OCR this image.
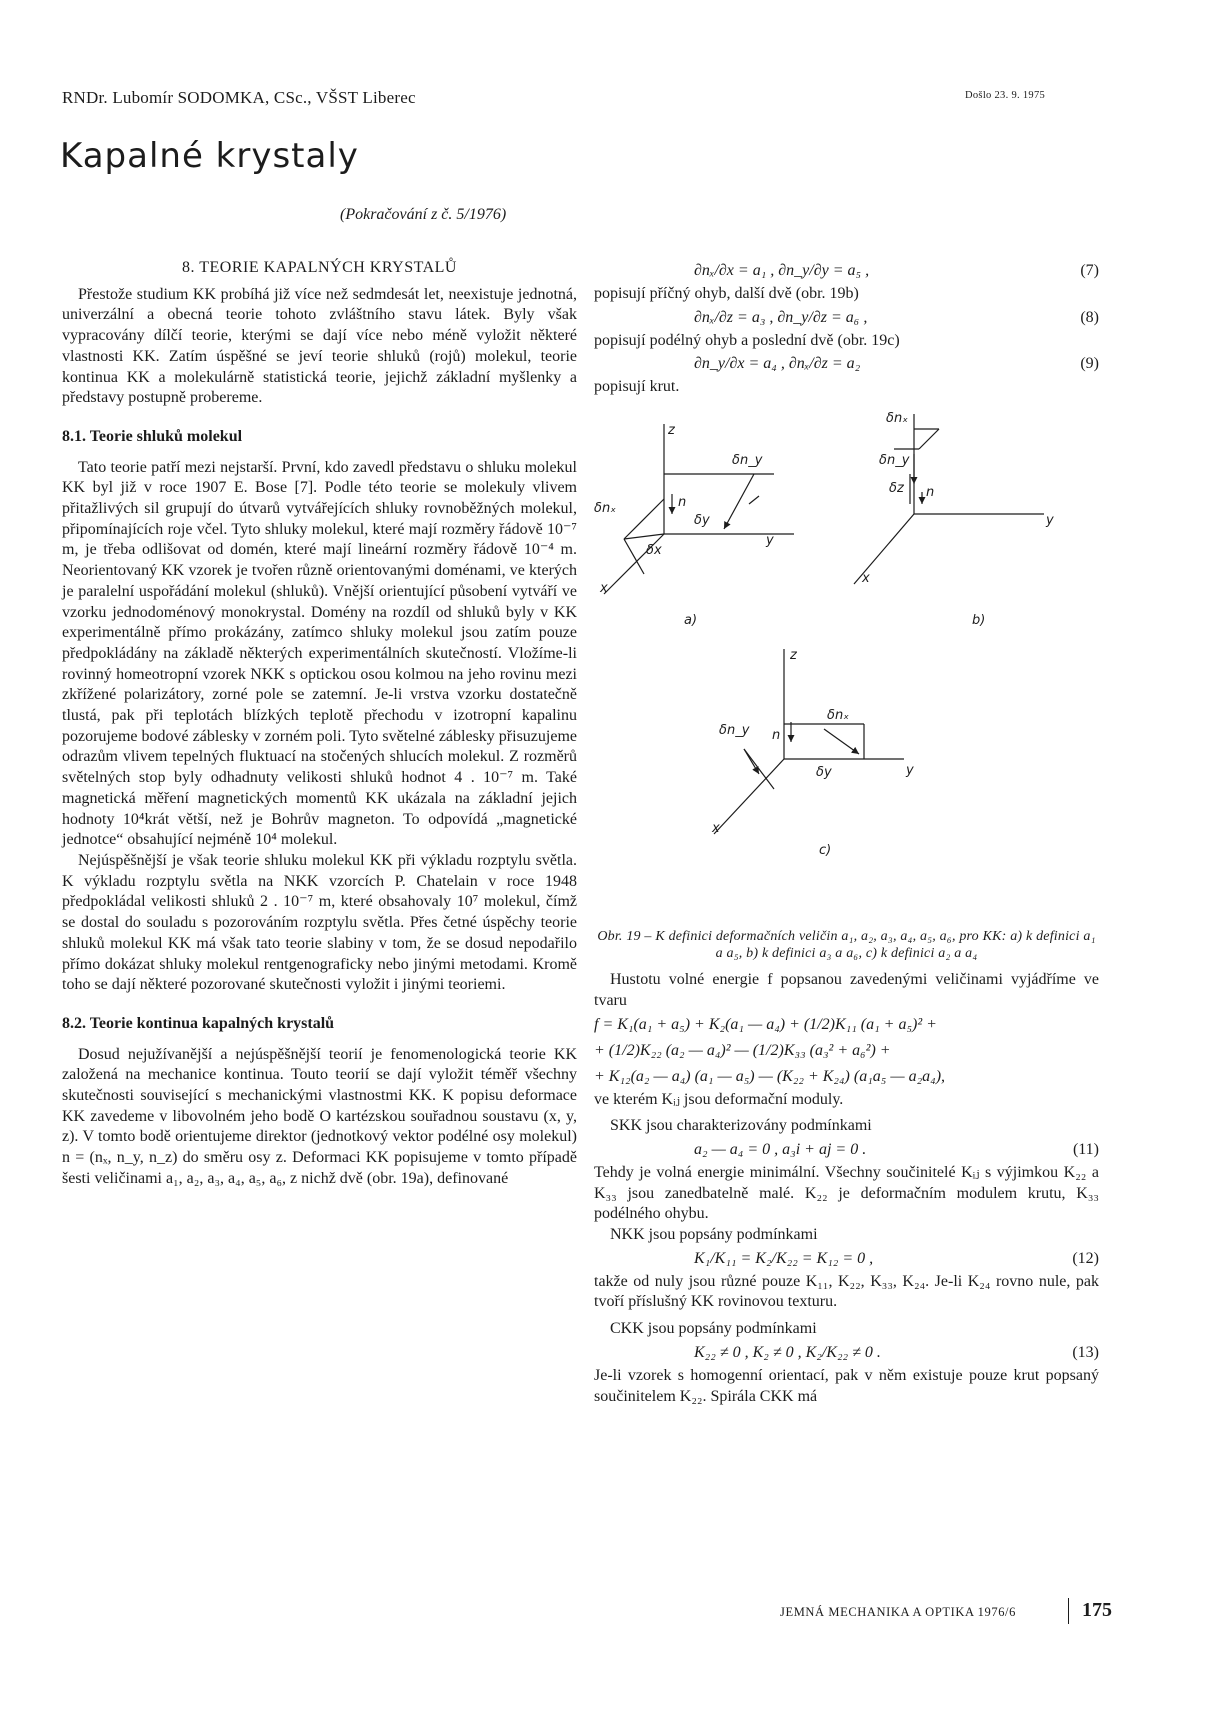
RNDr. Lubomír SODOMKA, CSc., VŠST Liberec	Došlo 23. 9. 1975
Kapalné krystaly
(Pokračování z č. 5/1976)
8. TEORIE KAPALNÝCH KRYSTALŮ

Přestože studium KK probíhá již více než sedmdesát let, neexistuje jednotná, univerzální a obecná teorie tohoto zvláštního stavu látek. Byly však vypracovány dílčí teorie, kterými se dají více nebo méně vyložit některé vlastnosti KK. Zatím úspěšné se jeví teorie shluků (rojů) molekul, teorie kontinua KK a molekulárně statistická teorie, jejichž základní myšlenky a představy postupně probereme.

8.1. Teorie shluků molekul

Tato teorie patří mezi nejstarší. První, kdo zavedl představu o shluku molekul KK byl již v roce 1907 E. Bose [7]. Podle této teorie se molekuly vlivem přitažlivých sil grupují do útvarů vytvářejících shluky rovnoběžných molekul, připomínajících roje včel. Tyto shluky molekul, které mají rozměry řádově 10⁻⁷ m, je třeba odlišovat od domén, které mají lineární rozměry řádově 10⁻⁴ m. Neorientovaný KK vzorek je tvořen různě orientovanými doménami, ve kterých je paralelní uspořádání molekul (shluků). Vnější orientující působení vytváří ve vzorku jednodoménový monokrystal. Domény na rozdíl od shluků byly v KK experimentálně přímo prokázány, zatímco shluky molekul jsou zatím pouze předpokládány na základě některých experimentálních skutečností. Vložíme-li rovinný homeotropní vzorek NKK s optickou osou kolmou na jeho rovinu mezi zkřížené polarizátory, zorné pole se zatemní. Je-li vrstva vzorku dostatečně tlustá, pak při teplotách blízkých teplotě přechodu v izotropní kapalinu pozorujeme bodové záblesky v zorném poli. Tyto světelné záblesky přisuzujeme odrazům vlivem tepelných fluktuací na stočených shlucích molekul. Z rozměrů světelných stop byly odhadnuty velikosti shluků hodnot 4 . 10⁻⁷ m. Také magnetická měření magnetických momentů KK ukázala na základní jejich hodnoty 10⁴krát větší, než je Bohrův magneton. To odpovídá „magnetické jednotce“ obsahující nejméně 10⁴ molekul.

Nejúspěšnější je však teorie shluku molekul KK při výkladu rozptylu světla. K výkladu rozptylu světla na NKK vzorcích P. Chatelain v roce 1948 předpokládal velikosti shluků 2 . 10⁻⁷ m, které obsahovaly 10⁷ molekul, čímž se dostal do souladu s pozorováním rozptylu světla. Přes četné úspěchy teorie shluků molekul KK má však tato teorie slabiny v tom, že se dosud nepodařilo přímo dokázat shluky molekul rentgenograficky nebo jinými metodami. Kromě toho se dají některé pozorované skutečnosti vyložit i jinými teoriemi.

8.2. Teorie kontinua kapalných krystalů

Dosud nejužívanější a nejúspěšnější teorií je fenomenologická teorie KK založená na mechanice kontinua. Touto teorií se dají vyložit téměř všechny skutečnosti související s mechanickými vlastnostmi KK. K popisu deformace KK zavedeme v libovolném jeho bodě O kartézskou souřadnou soustavu (x, y, z). V tomto bodě orientujeme direktor (jednotkový vektor podélné osy molekul) n = (nₓ, n_y, n_z) do směru osy z. Deformaci KK popisujeme v tomto případě šesti veličinami a₁, a₂, a₃, a₄, a₅, a₆, z nichž dvě (obr. 19a), definované

∂nₓ/∂x = a₁ , ∂n_y/∂y = a₅ ,	(7)

popisují příčný ohyb, další dvě (obr. 19b)

∂nₓ/∂z = a₃ , ∂n_y/∂z = a₆ ,	(8)

popisují podélný ohyb a poslední dvě (obr. 19c)

∂n_y/∂x = a₄ , ∂nₓ/∂z = a₂	(9)

popisují krut.

z
y
x
δn_y
δnₓ
δx
δy
n
a)
δnₓ
δn_y
δz n
y
x
b)
z
δn_y
δnₓ
n
δy	y
x
c)
Obr. 19 – K definici deformačních veličin a₁, a₂, a₃, a₄, a₅, a₆, pro KK: a) k definici a₁ a a₅, b) k definici a₃ a a₆, c) k definici a₂ a a₄

Hustotu volné energie f popsanou zavedenými veličinami vyjádříme ve tvaru

f = K₁(a₁ + a₅) + K₂(a₁ — a₄) + (1/2)K₁₁ (a₁ + a₅)² +
+ (1/2)K₂₂ (a₂ — a₄)² — (1/2)K₃₃ (a₃² + a₆²) +
+ K₁₂(a₂ — a₄) (a₁ — a₅) — (K₂₂ + K₂₄) (a₁a₅ — a₂a₄),

ve kterém Kᵢⱼ jsou deformační moduly.

SKK jsou charakterizovány podmínkami

a₂ — a₄ = 0 , a₃i + aj = 0 .	(11)

Tehdy je volná energie minimální. Všechny součinitelé Kᵢⱼ s výjimkou K₂₂ a K₃₃ jsou zanedbatelně malé. K₂₂ je deformačním modulem krutu, K₃₃ podélného ohybu.

NKK jsou popsány podmínkami

K₁/K₁₁ = K₂/K₂₂ = K₁₂ = 0 ,	(12)

takže od nuly jsou různé pouze K₁₁, K₂₂, K₃₃, K₂₄. Je-li K₂₄ rovno nule, pak tvoří příslušný KK rovinovou texturu.

CKK jsou popsány podmínkami

K₂₂ ≠ 0 , K₂ ≠ 0 , K₂/K₂₂ ≠ 0 .	(13)

Je-li vzorek s homogenní orientací, pak v něm existuje pouze krut popsaný součinitelem K₂₂. Spirála CKK má

JEMNÁ MECHANIKA A OPTIKA 1976/6	175
